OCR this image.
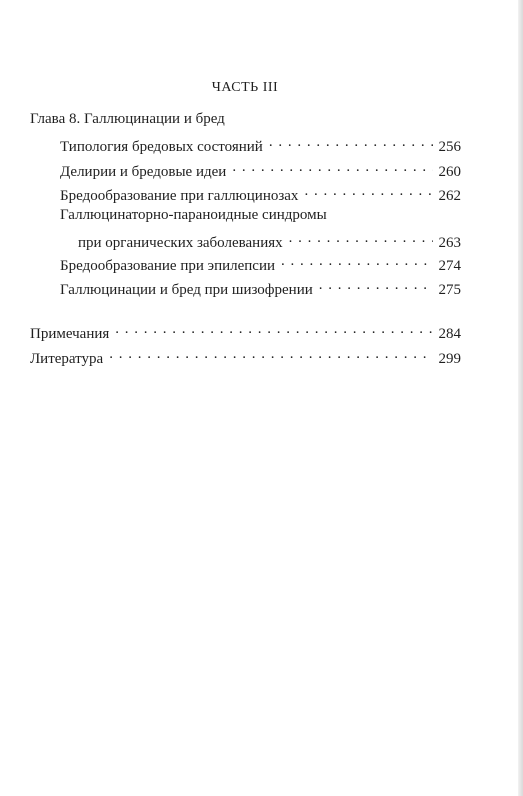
ЧАСТЬ III
Глава 8. Галлюцинации и бред
Типология бредовых состояний . . .	256
Делирии и бредовые идеи . . .	260
Бредообразование при галлюцинозах . . .	262
Галлюцинаторно-параноидные синдромы
при органических заболеваниях . . .	263
Бредообразование при эпилепсии . . .	274
Галлюцинации и бред при шизофрении . . .	275
Примечания . . .	284
Литература . . .	299
